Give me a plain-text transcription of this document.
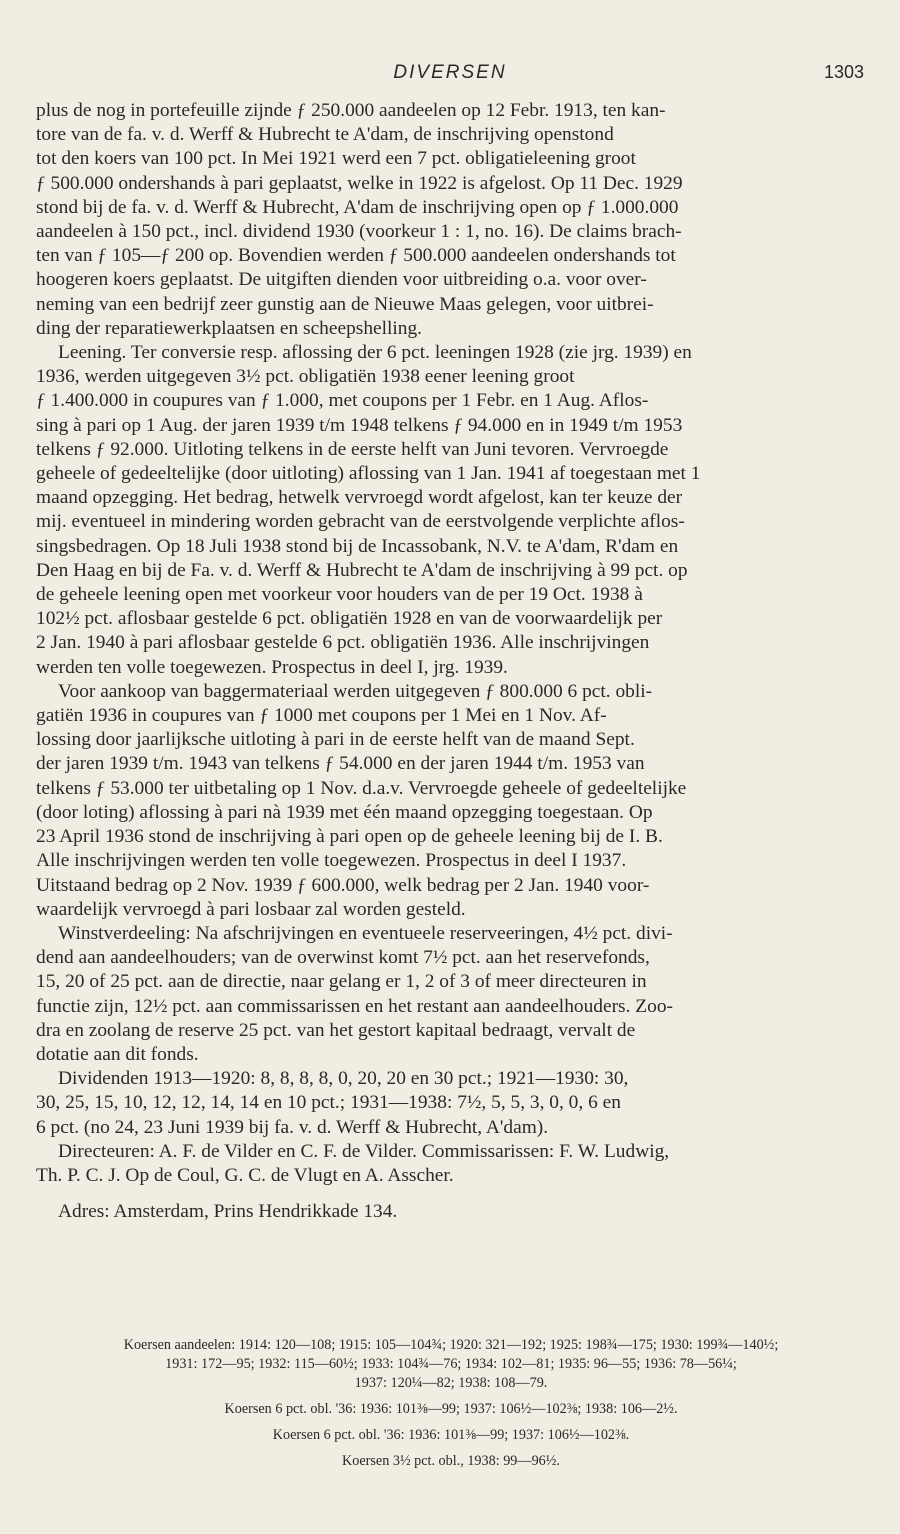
DIVERSEN	1303
plus de nog in portefeuille zijnde ƒ 250.000 aandeelen op 12 Febr. 1913, ten kan-
tore van de fa. v. d. Werff & Hubrecht te A'dam, de inschrijving openstond
tot den koers van 100 pct. In Mei 1921 werd een 7 pct. obligatieleening groot
ƒ 500.000 ondershands à pari geplaatst, welke in 1922 is afgelost. Op 11 Dec. 1929
stond bij de fa. v. d. Werff & Hubrecht, A'dam de inschrijving open op ƒ 1.000.000
aandeelen à 150 pct., incl. dividend 1930 (voorkeur 1 : 1, no. 16). De claims brach-
ten van ƒ 105—ƒ 200 op. Bovendien werden ƒ 500.000 aandeelen ondershands tot
hoogeren koers geplaatst. De uitgiften dienden voor uitbreiding o.a. voor over-
neming van een bedrijf zeer gunstig aan de Nieuwe Maas gelegen, voor uitbrei-
ding der reparatiewerkplaatsen en scheepshelling.
Leening. Ter conversie resp. aflossing der 6 pct. leeningen 1928 (zie jrg. 1939) en
1936, werden uitgegeven 3½ pct. obligatiën 1938 eener leening groot
ƒ 1.400.000 in coupures van ƒ 1.000, met coupons per 1 Febr. en 1 Aug. Aflos-
sing à pari op 1 Aug. der jaren 1939 t/m 1948 telkens ƒ 94.000 en in 1949 t/m 1953
telkens ƒ 92.000. Uitloting telkens in de eerste helft van Juni tevoren. Vervroegde
geheele of gedeeltelijke (door uitloting) aflossing van 1 Jan. 1941 af toegestaan met 1
maand opzegging. Het bedrag, hetwelk vervroegd wordt afgelost, kan ter keuze der
mij. eventueel in mindering worden gebracht van de eerstvolgende verplichte aflos-
singsbedragen. Op 18 Juli 1938 stond bij de Incassobank, N.V. te A'dam, R'dam en
Den Haag en bij de Fa. v. d. Werff & Hubrecht te A'dam de inschrijving à 99 pct. op
de geheele leening open met voorkeur voor houders van de per 19 Oct. 1938 à
102½ pct. aflosbaar gestelde 6 pct. obligatiën 1928 en van de voorwaardelijk per
2 Jan. 1940 à pari aflosbaar gestelde 6 pct. obligatiën 1936. Alle inschrijvingen
werden ten volle toegewezen. Prospectus in deel I, jrg. 1939.
Voor aankoop van baggermateriaal werden uitgegeven ƒ 800.000 6 pct. obli-
gatiën 1936 in coupures van ƒ 1000 met coupons per 1 Mei en 1 Nov. Af-
lossing door jaarlijksche uitloting à pari in de eerste helft van de maand Sept.
der jaren 1939 t/m. 1943 van telkens ƒ 54.000 en der jaren 1944 t/m. 1953 van
telkens ƒ 53.000 ter uitbetaling op 1 Nov. d.a.v. Vervroegde geheele of gedeeltelijke
(door loting) aflossing à pari nà 1939 met één maand opzegging toegestaan. Op
23 April 1936 stond de inschrijving à pari open op de geheele leening bij de I. B.
Alle inschrijvingen werden ten volle toegewezen. Prospectus in deel I 1937.
Uitstaand bedrag op 2 Nov. 1939 ƒ 600.000, welk bedrag per 2 Jan. 1940 voor-
waardelijk vervroegd à pari losbaar zal worden gesteld.
Winstverdeeling: Na afschrijvingen en eventueele reserveeringen, 4½ pct. divi-
dend aan aandeelhouders; van de overwinst komt 7½ pct. aan het reservefonds,
15, 20 of 25 pct. aan de directie, naar gelang er 1, 2 of 3 of meer directeuren in
functie zijn, 12½ pct. aan commissarissen en het restant aan aandeelhouders. Zoo-
dra en zoolang de reserve 25 pct. van het gestort kapitaal bedraagt, vervalt de
dotatie aan dit fonds.
Dividenden 1913—1920: 8, 8, 8, 8, 0, 20, 20 en 30 pct.; 1921—1930: 30,
30, 25, 15, 10, 12, 12, 14, 14 en 10 pct.; 1931—1938: 7½, 5, 5, 3, 0, 0, 6 en
6 pct. (no 24, 23 Juni 1939 bij fa. v. d. Werff & Hubrecht, A'dam).
Directeuren: A. F. de Vilder en C. F. de Vilder. Commissarissen: F. W. Ludwig,
Th. P. C. J. Op de Coul, G. C. de Vlugt en A. Asscher.
Adres: Amsterdam, Prins Hendrikkade 134.
Koersen aandeelen: 1914: 120—108; 1915: 105—104¾; 1920: 321—192; 1925: 198¾—175; 1930: 199¾—140½;
1931: 172—95; 1932: 115—60½; 1933: 104¾—76; 1934: 102—81; 1935: 96—55; 1936: 78—56¼;
1937: 120¼—82; 1938: 108—79.
Koersen 6 pct. obl. '36: 1936: 101⅜—99; 1937: 106½—102⅜; 1938: 106—2½.
Koersen 6 pct. obl. '36: 1936: 101⅜—99; 1937: 106½—102⅜.
Koersen 3½ pct. obl., 1938: 99—96½.
